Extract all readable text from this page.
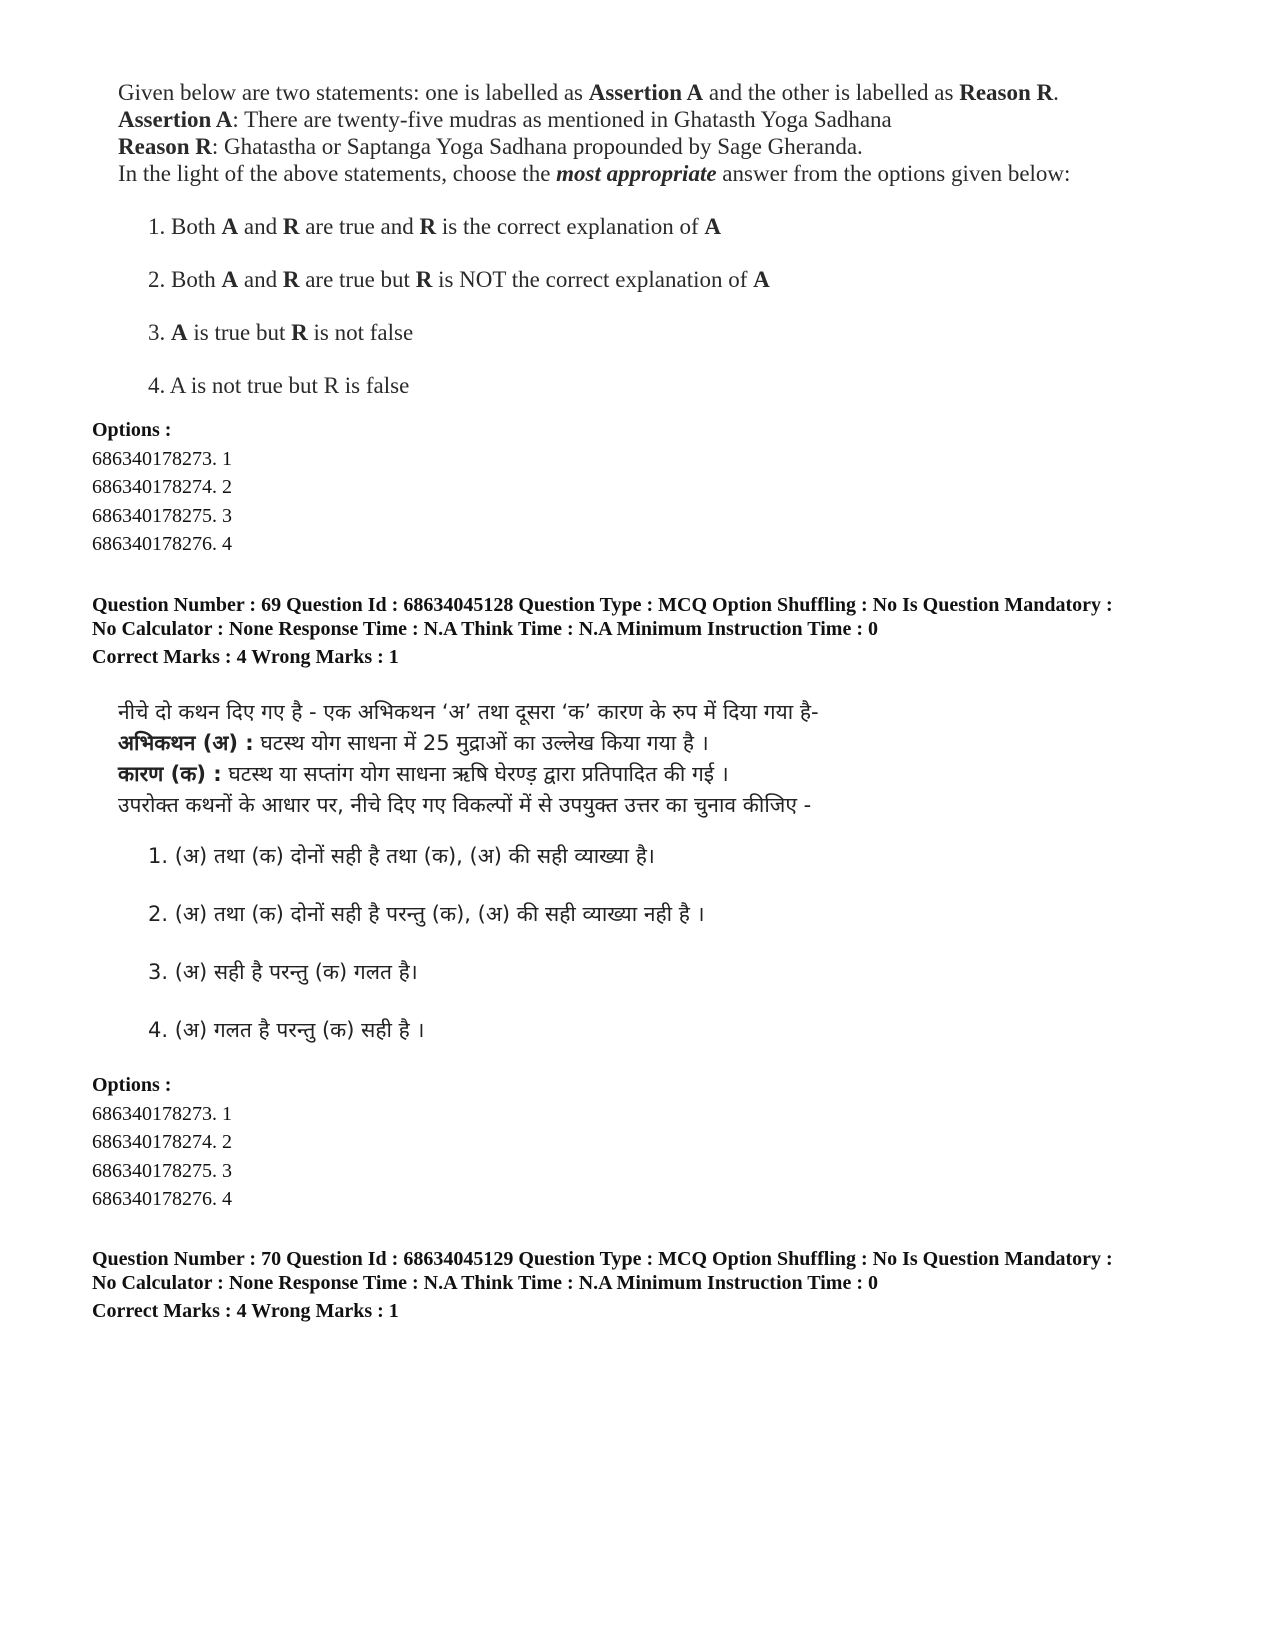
Given below are two statements: one is labelled as Assertion A and the other is labelled as Reason R.

Assertion A: There are twenty-five mudras as mentioned in Ghatasth Yoga Sadhana

Reason R: Ghatastha or Saptanga Yoga Sadhana propounded by Sage Gheranda.

In the light of the above statements, choose the most appropriate answer from the options given below:

1. Both A and R are true and R is the correct explanation of A
2. Both A and R are true but R is NOT the correct explanation of A
3. A is true but R is not false
4. A is not true but R is false
Options :
686340178273. 1
686340178274. 2
686340178275. 3
686340178276. 4
Question Number : 69 Question Id : 68634045128 Question Type : MCQ Option Shuffling : No Is Question Mandatory :
No Calculator : None Response Time : N.A Think Time : N.A Minimum Instruction Time : 0
Correct Marks : 4 Wrong Marks : 1

नीचे दो कथन दिए गए है - एक अभिकथन ‘अ’ तथा दूसरा ‘क’ कारण के रुप में दिया गया है-

अभिकथन (अ) : घटस्थ योग साधना में 25 मुद्राओं का उल्लेख किया गया है ।

कारण (क) : घटस्थ या सप्तांग योग साधना ऋषि घेरण्ड़ द्वारा प्रतिपादित की गई ।

उपरोक्त कथनों के आधार पर, नीचे दिए गए विकल्पों में से उपयुक्त उत्तर का चुनाव कीजिए -

1. (अ) तथा (क) दोनों सही है तथा (क), (अ) की सही व्याख्या है।
2. (अ) तथा (क) दोनों सही है परन्तु (क), (अ) की सही व्याख्या नही है ।
3. (अ) सही है परन्तु (क) गलत है।
4. (अ) गलत है परन्तु (क) सही है ।
Options :
686340178273. 1
686340178274. 2
686340178275. 3
686340178276. 4
Question Number : 70 Question Id : 68634045129 Question Type : MCQ Option Shuffling : No Is Question Mandatory :
No Calculator : None Response Time : N.A Think Time : N.A Minimum Instruction Time : 0
Correct Marks : 4 Wrong Marks : 1
